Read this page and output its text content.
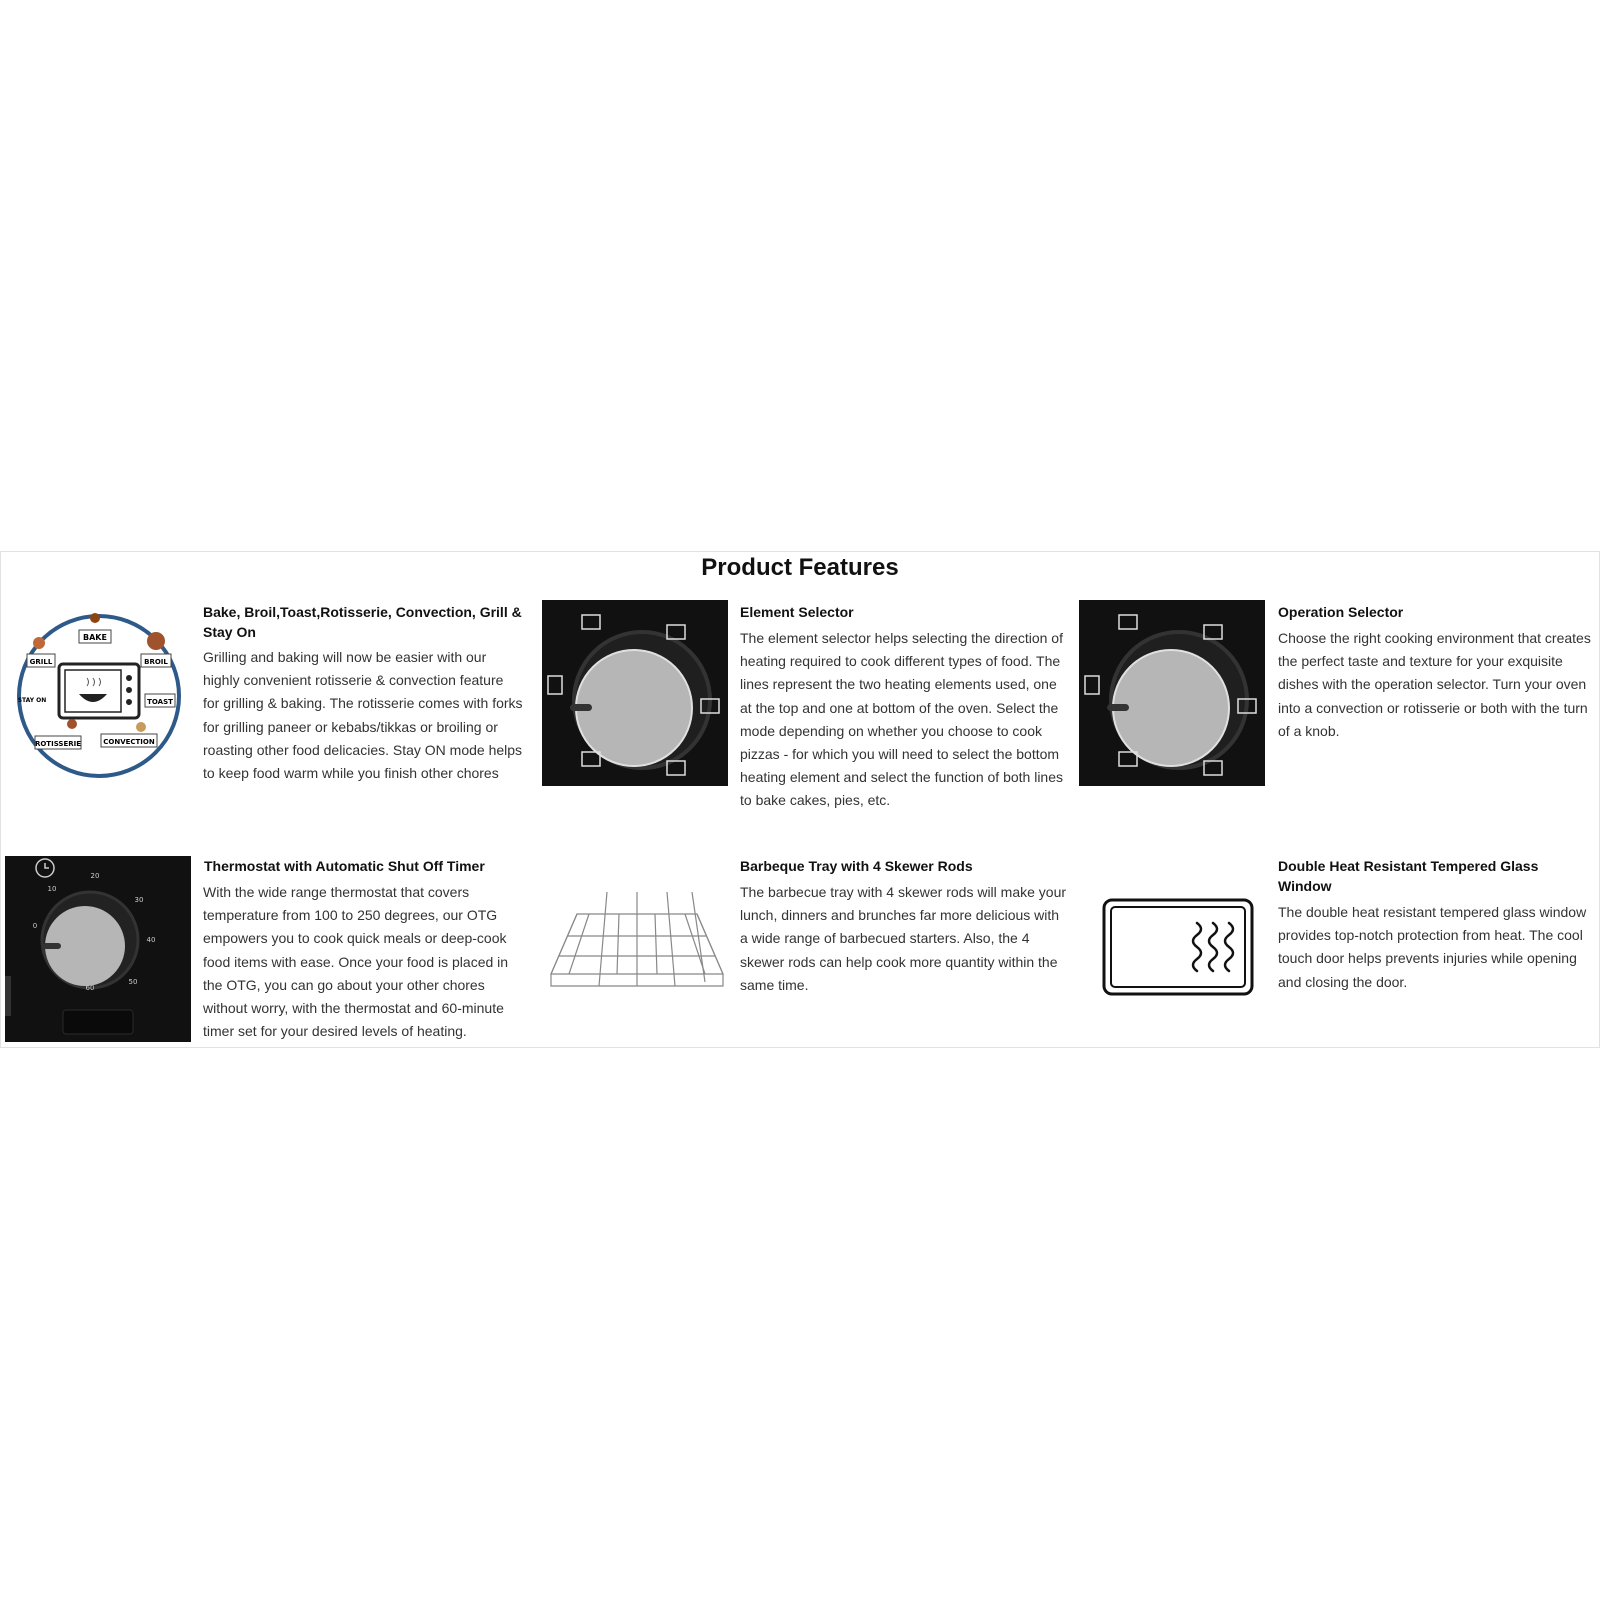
Product Features
BAKE
GRILL	BROIL
STAY ON	TOAST
ROTISSERIE	CONVECTION
Bake, Broil,Toast,Rotisserie, Convection, Grill & Stay On

Grilling and baking will now be easier with our highly convenient rotisserie & convection feature for grilling & baking. The rotisserie comes with forks for grilling paneer or kebabs/tikkas or broiling or roasting other food delicacies. Stay ON mode helps to keep food warm while you finish other chores

Element Selector

The element selector helps selecting the direction of heating required to cook different types of food. The lines represent the two heating elements used, one at the top and one at bottom of the oven. Select the mode depending on whether you choose to cook pizzas - for which you will need to select the bottom heating element and select the function of both lines to bake cakes, pies, etc.

Operation Selector

Choose the right cooking environment that creates the perfect taste and texture for your exquisite dishes with the operation selector. Turn your oven into a convection or rotisserie or both with the turn of a knob.

20
10
30
0
40
50
60
Thermostat with Automatic Shut Off Timer

With the wide range thermostat that covers temperature from 100 to 250 degrees, our OTG empowers you to cook quick meals or deep-cook food items with ease. Once your food is placed in the OTG, you can go about your other chores without worry, with the thermostat and 60-minute timer set for your desired levels of heating.

Barbeque Tray with 4 Skewer Rods

The barbecue tray with 4 skewer rods will make your lunch, dinners and brunches far more delicious with a wide range of barbecued starters. Also, the 4 skewer rods can help cook more quantity within the same time.

Double Heat Resistant Tempered Glass Window

The double heat resistant tempered glass window provides top-notch protection from heat. The cool touch door helps prevents injuries while opening and closing the door.
